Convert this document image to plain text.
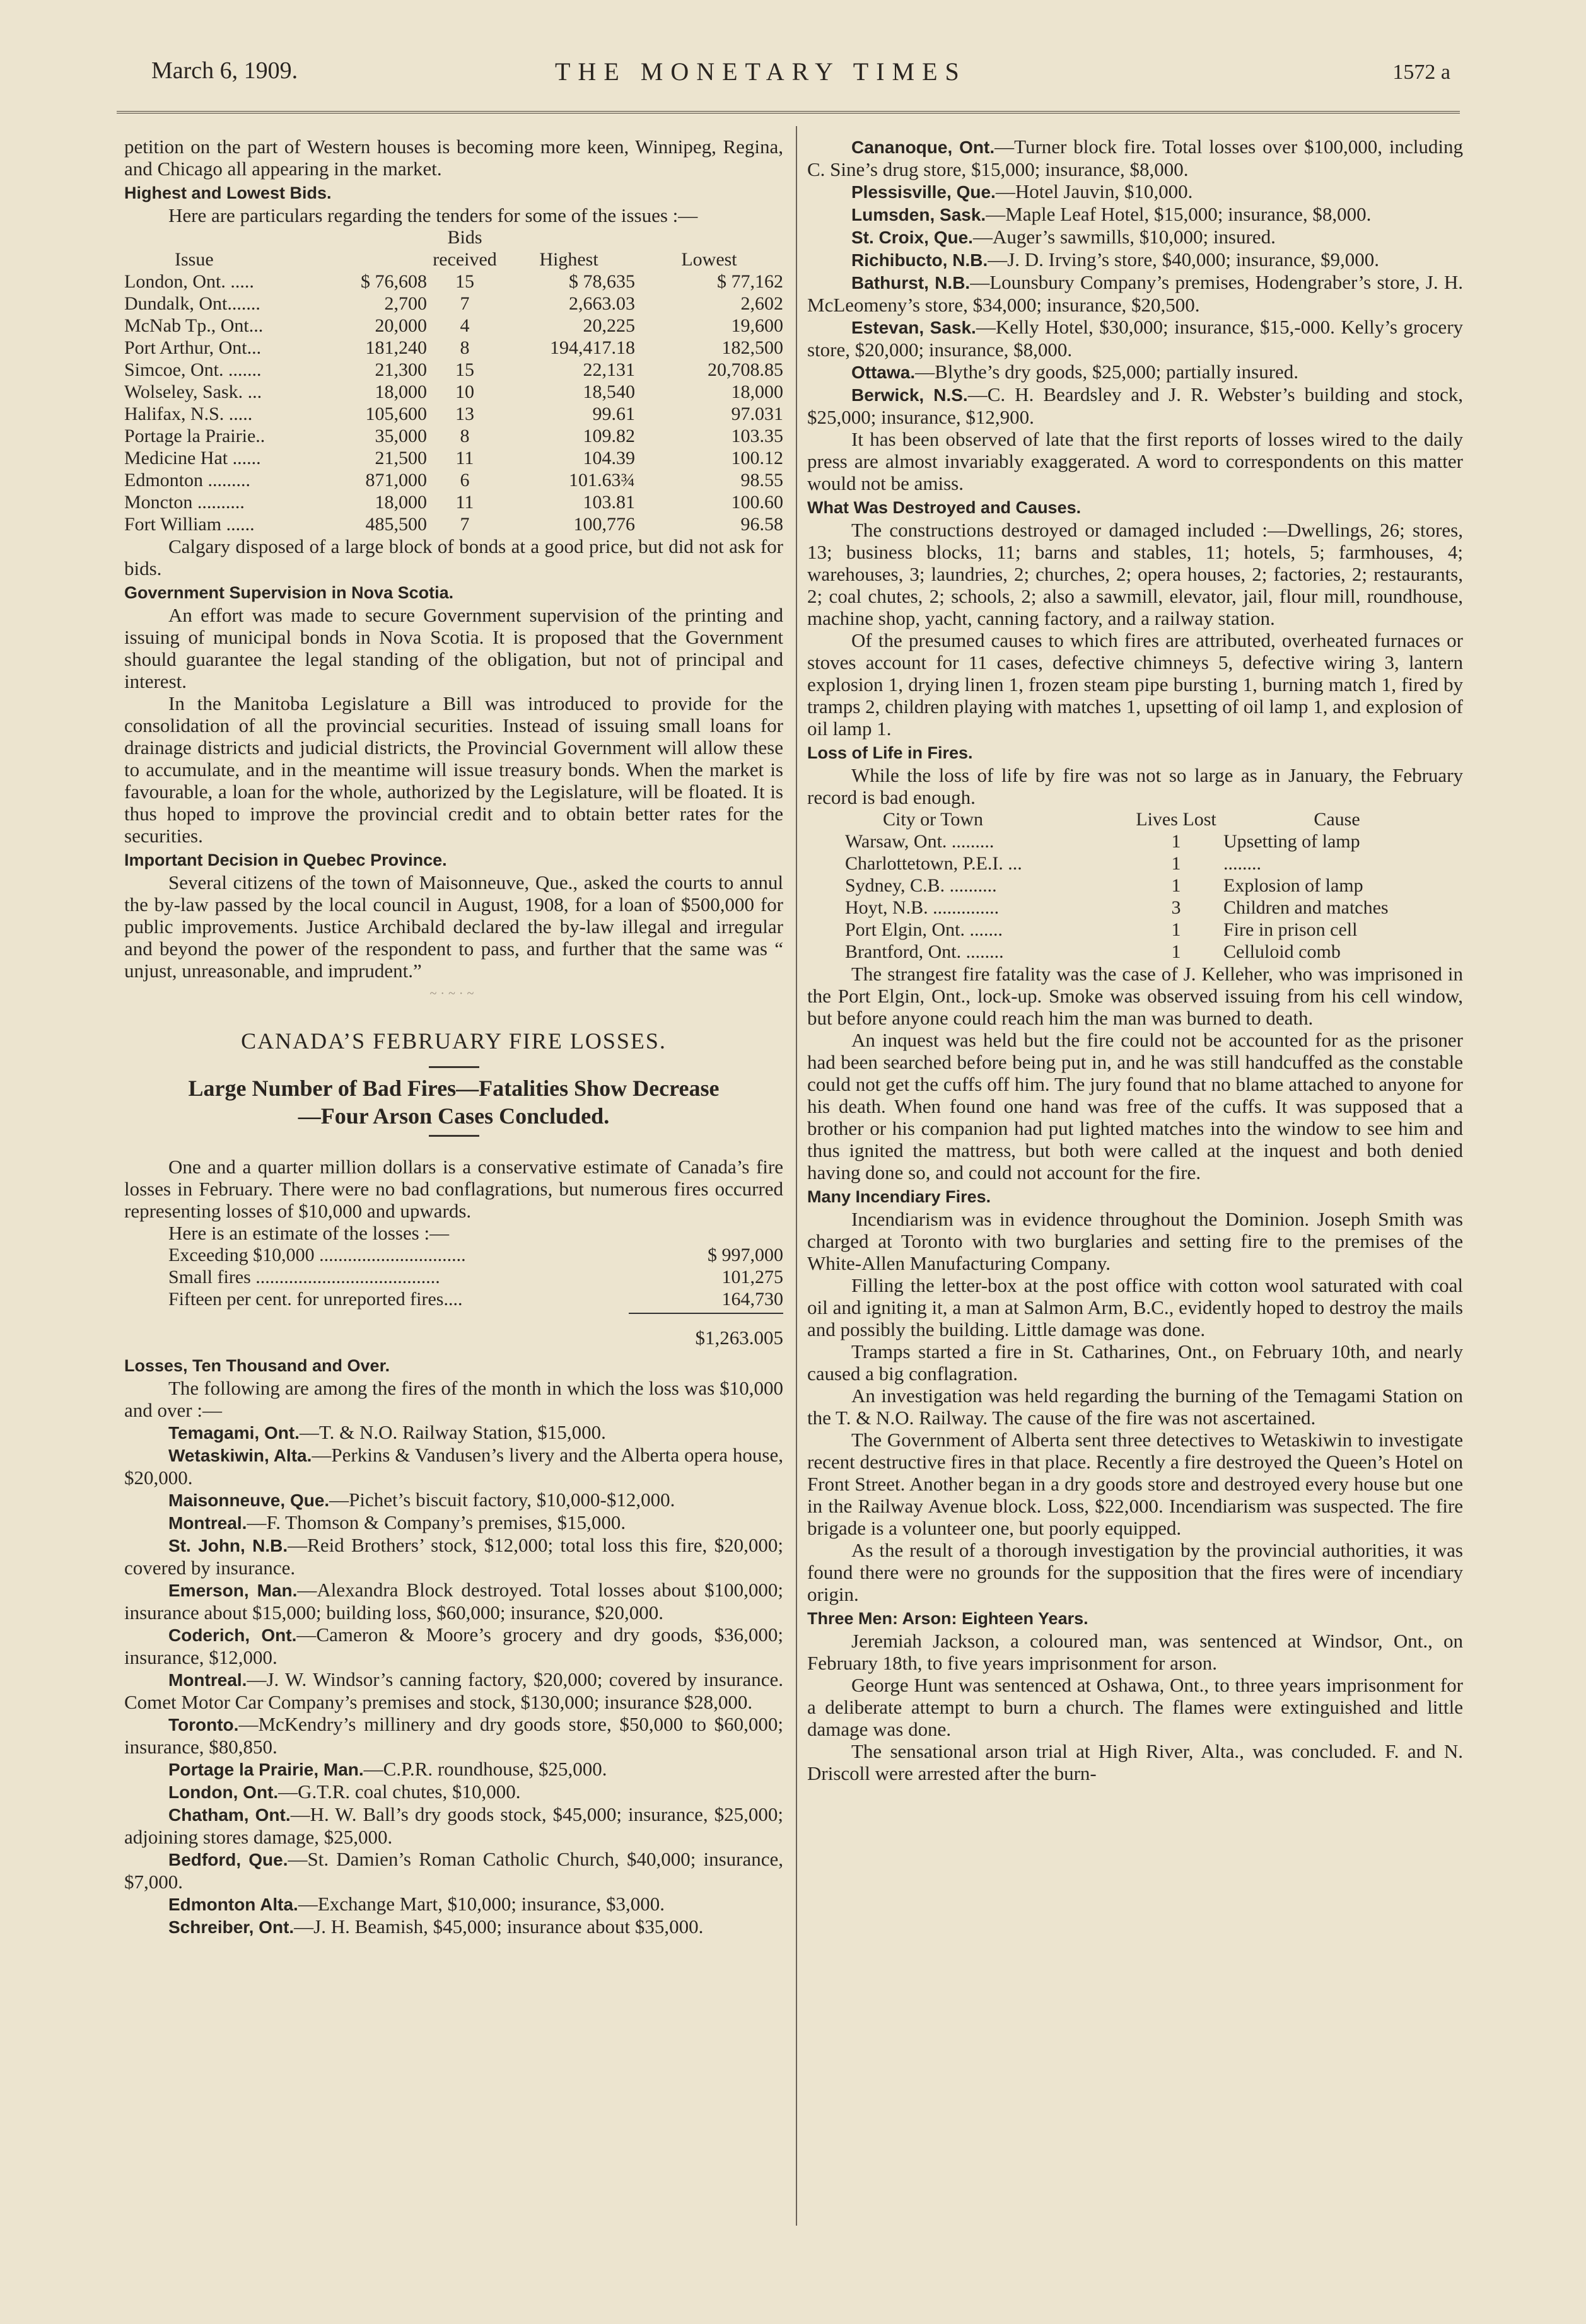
March 6, 1909.	THE MONETARY TIMES	1572 a

petition on the part of Western houses is becoming more keen, Winnipeg, Regina, and Chicago all appearing in the market.

Highest and Lowest Bids.

Here are particulars regarding the tenders for some of the issues :—

		Bids		
Issue		received	Highest	Lowest
London, Ont. .....	$ 76,608	15	$ 78,635	$ 77,162
Dundalk, Ont.......	2,700	7	2,663.03	2,602
McNab Tp., Ont...	20,000	4	20,225	19,600
Port Arthur, Ont...	181,240	8	194,417.18	182,500
Simcoe, Ont. .......	21,300	15	22,131	20,708.85
Wolseley, Sask. ...	18,000	10	18,540	18,000
Halifax, N.S. .....	105,600	13	99.61	97.031
Portage la Prairie..	35,000	8	109.82	103.35
Medicine Hat ......	21,500	11	104.39	100.12
Edmonton .........	871,000	6	101.63¾	98.55
Moncton ..........	18,000	11	103.81	100.60
Fort William ......	485,500	7	100,776	96.58

Calgary disposed of a large block of bonds at a good price, but did not ask for bids.

Government Supervision in Nova Scotia.

An effort was made to secure Government supervision of the printing and issuing of municipal bonds in Nova Scotia. It is proposed that the Government should guarantee the legal standing of the obligation, but not of principal and interest.

In the Manitoba Legislature a Bill was introduced to provide for the consolidation of all the provincial securities. Instead of issuing small loans for drainage districts and judicial districts, the Provincial Government will allow these to accumulate, and in the meantime will issue treasury bonds. When the market is favourable, a loan for the whole, authorized by the Legislature, will be floated. It is thus hoped to improve the provincial credit and to obtain better rates for the securities.

Important Decision in Quebec Province.

Several citizens of the town of Maisonneuve, Que., asked the courts to annul the by-law passed by the local council in August, 1908, for a loan of $500,000 for public improvements. Justice Archibald declared the by-law illegal and irregular and beyond the power of the respondent to pass, and further that the same was “ unjust, unreasonable, and imprudent.”

~·~·~
CANADA’S FEBRUARY FIRE LOSSES.
Large Number of Bad Fires—Fatalities Show Decrease
—Four Arson Cases Concluded.

One and a quarter million dollars is a conservative estimate of Canada’s fire losses in February. There were no bad conflagrations, but numerous fires occurred representing losses of $10,000 and upwards.

Here is an estimate of the losses :—

Exceeding $10,000 ...............................	$ 997,000
Small fires .......................................	101,275
Fifteen per cent. for unreported fires....	164,730
$1,263.005
Losses, Ten Thousand and Over.

The following are among the fires of the month in which the loss was $10,000 and over :—

Temagami, Ont.—T. & N.O. Railway Station, $15,000.

Wetaskiwin, Alta.—Perkins & Vandusen’s livery and the Alberta opera house, $20,000.

Maisonneuve, Que.—Pichet’s biscuit factory, $10,000-$12,000.

Montreal.—F. Thomson & Company’s premises, $15,000.

St. John, N.B.—Reid Brothers’ stock, $12,000; total loss this fire, $20,000; covered by insurance.

Emerson, Man.—Alexandra Block destroyed. Total losses about $100,000; insurance about $15,000; building loss, $60,000; insurance, $20,000.

Coderich, Ont.—Cameron & Moore’s grocery and dry goods, $36,000; insurance, $12,000.

Montreal.—J. W. Windsor’s canning factory, $20,000; covered by insurance. Comet Motor Car Company’s premises and stock, $130,000; insurance $28,000.

Toronto.—McKendry’s millinery and dry goods store, $50,000 to $60,000; insurance, $80,850.

Portage la Prairie, Man.—C.P.R. roundhouse, $25,000.

London, Ont.—G.T.R. coal chutes, $10,000.

Chatham, Ont.—H. W. Ball’s dry goods stock, $45,000; insurance, $25,000; adjoining stores damage, $25,000.

Bedford, Que.—St. Damien’s Roman Catholic Church, $40,000; insurance, $7,000.

Edmonton Alta.—Exchange Mart, $10,000; insurance, $3,000.

Schreiber, Ont.—J. H. Beamish, $45,000; insurance about $35,000.

Cananoque, Ont.—Turner block fire. Total losses over $100,000, including C. Sine’s drug store, $15,000; insurance, $8,000.

Plessisville, Que.—Hotel Jauvin, $10,000.

Lumsden, Sask.—Maple Leaf Hotel, $15,000; insurance, $8,000.

St. Croix, Que.—Auger’s sawmills, $10,000; insured.

Richibucto, N.B.—J. D. Irving’s store, $40,000; insurance, $9,000.

Bathurst, N.B.—Lounsbury Company’s premises, Hodengraber’s store, J. H. McLeomeny’s store, $34,000; insurance, $20,500.

Estevan, Sask.—Kelly Hotel, $30,000; insurance, $15,-000. Kelly’s grocery store, $20,000; insurance, $8,000.

Ottawa.—Blythe’s dry goods, $25,000; partially insured.

Berwick, N.S.—C. H. Beardsley and J. R. Webster’s building and stock, $25,000; insurance, $12,900.

It has been observed of late that the first reports of losses wired to the daily press are almost invariably exaggerated. A word to correspondents on this matter would not be amiss.

What Was Destroyed and Causes.

The constructions destroyed or damaged included :—Dwellings, 26; stores, 13; business blocks, 11; barns and stables, 11; hotels, 5; farmhouses, 4; warehouses, 3; laundries, 2; churches, 2; opera houses, 2; factories, 2; restaurants, 2; coal chutes, 2; schools, 2; also a sawmill, elevator, jail, flour mill, roundhouse, machine shop, yacht, canning factory, and a railway station.

Of the presumed causes to which fires are attributed, overheated furnaces or stoves account for 11 cases, defective chimneys 5, defective wiring 3, lantern explosion 1, drying linen 1, frozen steam pipe bursting 1, burning match 1, fired by tramps 2, children playing with matches 1, upsetting of oil lamp 1, and explosion of oil lamp 1.

Loss of Life in Fires.

While the loss of life by fire was not so large as in January, the February record is bad enough.

City or Town	Lives Lost	Cause
Warsaw, Ont. .........	1	Upsetting of lamp
Charlottetown, P.E.I. ...	1	........
Sydney, C.B. ..........	1	Explosion of lamp
Hoyt, N.B. ..............	3	Children and matches
Port Elgin, Ont. .......	1	Fire in prison cell
Brantford, Ont. ........	1	Celluloid comb

The strangest fire fatality was the case of J. Kelleher, who was imprisoned in the Port Elgin, Ont., lock-up. Smoke was observed issuing from his cell window, but before anyone could reach him the man was burned to death.

An inquest was held but the fire could not be accounted for as the prisoner had been searched before being put in, and he was still handcuffed as the constable could not get the cuffs off him. The jury found that no blame attached to anyone for his death. When found one hand was free of the cuffs. It was supposed that a brother or his companion had put lighted matches into the window to see him and thus ignited the mattress, but both were called at the inquest and both denied having done so, and could not account for the fire.

Many Incendiary Fires.

Incendiarism was in evidence throughout the Dominion. Joseph Smith was charged at Toronto with two burglaries and setting fire to the premises of the White-Allen Manufacturing Company.

Filling the letter-box at the post office with cotton wool saturated with coal oil and igniting it, a man at Salmon Arm, B.C., evidently hoped to destroy the mails and possibly the building. Little damage was done.

Tramps started a fire in St. Catharines, Ont., on February 10th, and nearly caused a big conflagration.

An investigation was held regarding the burning of the Temagami Station on the T. & N.O. Railway. The cause of the fire was not ascertained.

The Government of Alberta sent three detectives to Wetaskiwin to investigate recent destructive fires in that place. Recently a fire destroyed the Queen’s Hotel on Front Street. Another began in a dry goods store and destroyed every house but one in the Railway Avenue block. Loss, $22,000. Incendiarism was suspected. The fire brigade is a volunteer one, but poorly equipped.

As the result of a thorough investigation by the provincial authorities, it was found there were no grounds for the supposition that the fires were of incendiary origin.

Three Men: Arson: Eighteen Years.

Jeremiah Jackson, a coloured man, was sentenced at Windsor, Ont., on February 18th, to five years imprisonment for arson.

George Hunt was sentenced at Oshawa, Ont., to three years imprisonment for a deliberate attempt to burn a church. The flames were extinguished and little damage was done.

The sensational arson trial at High River, Alta., was concluded. F. and N. Driscoll were arrested after the burn-
